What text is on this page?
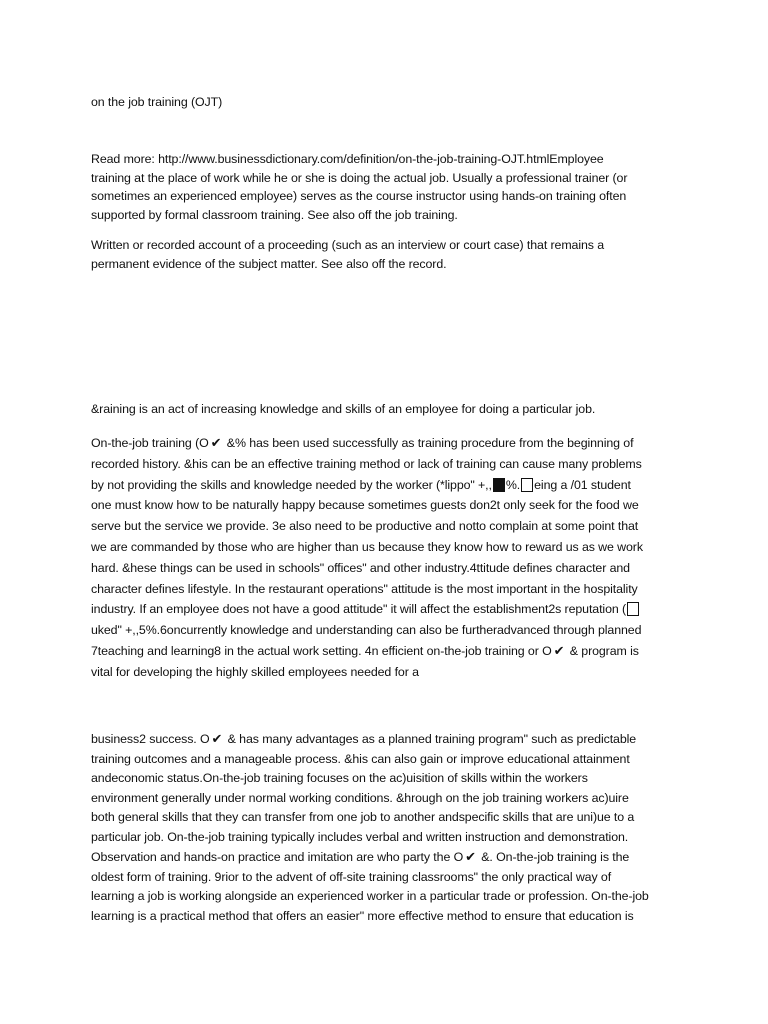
on the job training (OJT)
Read more: http://www.businessdictionary.com/definition/on-the-job-training-OJT.htmlEmployee
training at the place of work while he or she is doing the actual job. Usually a professional trainer (or
sometimes an experienced employee) serves as the course instructor using hands-on training often
supported by formal classroom training. See also off the job training.
Written or recorded account of a proceeding (such as an interview or court case) that remains a
permanent evidence of the subject matter. See also off the record.
&raining is an act of increasing knowledge and skills of an employee for doing a particular job.
On-the-job training (O ✔ &% has been used successfully as training procedure from the beginning of
recorded history. &his can be an effective training method or lack of training can cause many problems
by not providing the skills and knowledge needed by the worker (*lippo" +,, %. eing a /01 student
one must know how to be naturally happy because sometimes guests don2t only seek for the food we
serve but the service we provide. 3e also need to be productive and notto complain at some point that
we are commanded by those who are higher than us because they know how to reward us as we work
hard. &hese things can be used in schools" offices" and other industry.4ttitude defines character and
character defines lifestyle. In the restaurant operations" attitude is the most important in the hospitality
industry. If an employee does not have a good attitude" it will affect the establishment2s reputation (
uked" +,,5%.6oncurrently knowledge and understanding can also be furtheradvanced through planned
7teaching and learning8 in the actual work setting. 4n efficient on-the-job training or O ✔ & program is
vital for developing the highly skilled employees needed for a
business2 success. O ✔ & has many advantages as a planned training program" such as predictable
training outcomes and a manageable process. &his can also gain or improve educational attainment
andeconomic status.On-the-job training focuses on the ac)uisition of skills within the workers
environment generally under normal working conditions. &hrough on the job training workers ac)uire
both general skills that they can transfer from one job to another andspecific skills that are uni)ue to a
particular job. On-the-job training typically includes verbal and written instruction and demonstration.
Observation and hands-on practice and imitation are who party the O ✔ &. On-the-job training is the
oldest form of training. 9rior to the advent of off-site training classrooms" the only practical way of
learning a job is working alongside an experienced worker in a particular trade or profession. On-the-job
learning is a practical method that offers an easier" more effective method to ensure that education is
